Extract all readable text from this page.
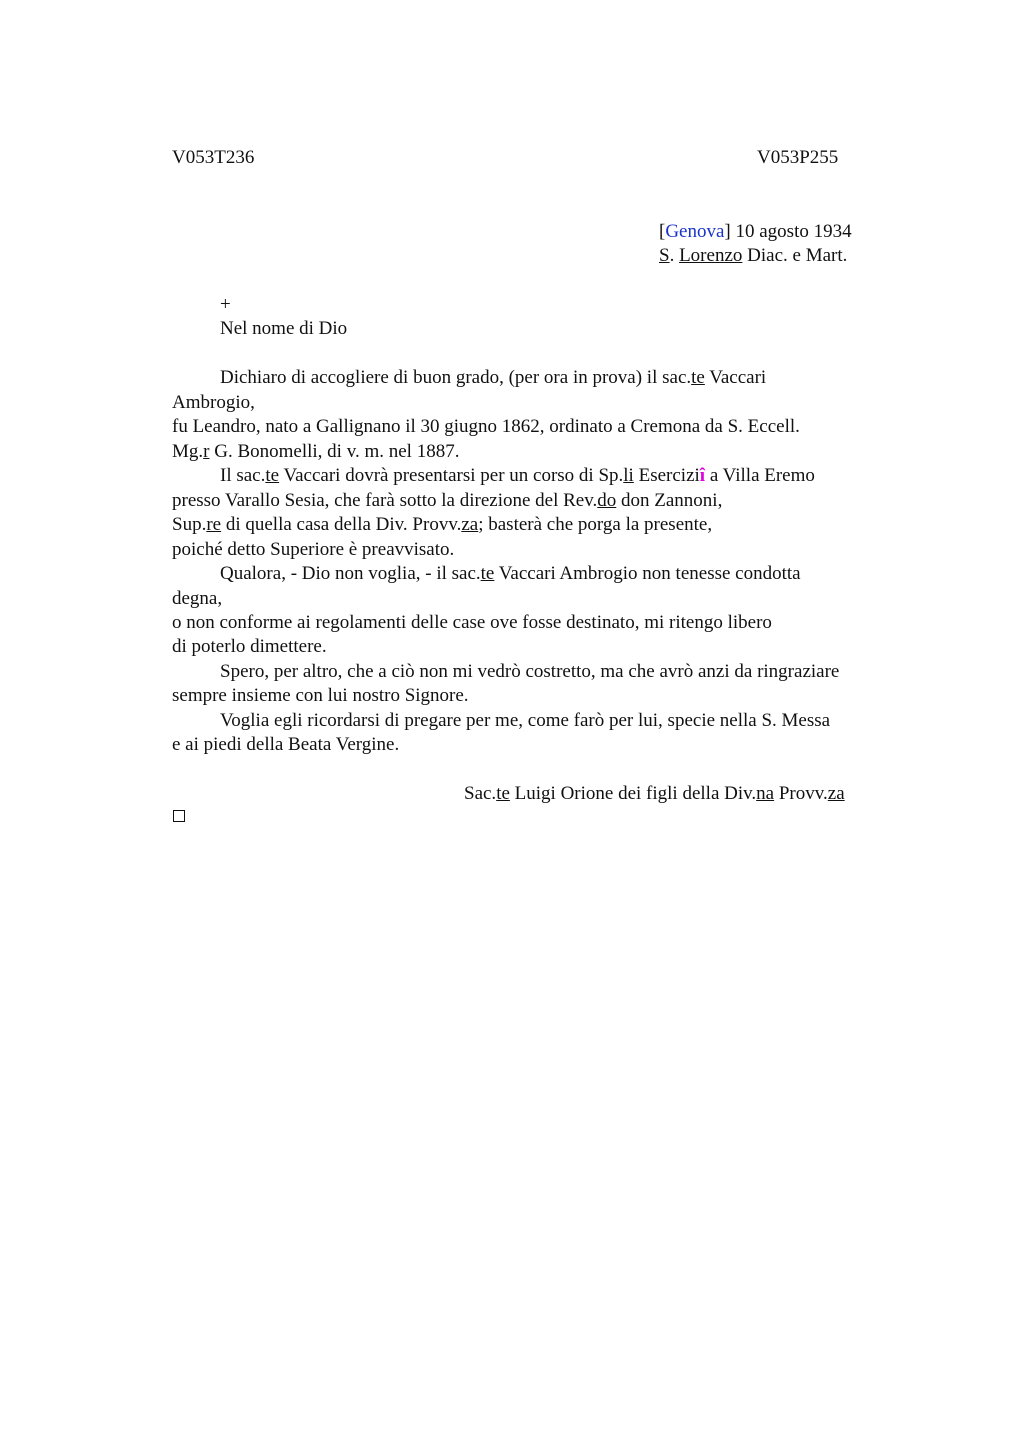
V053T236	V053P255
[Genova] 10 agosto 1934
S. Lorenzo Diac. e Mart.
+
Nel nome di Dio
Dichiaro di accogliere di buon grado, (per ora in prova) il sac.te Vaccari
Ambrogio,
fu Leandro, nato a Gallignano il 30 giugno 1862, ordinato a Cremona da S. Eccell.
Mg.r G. Bonomelli, di v. m. nel 1887.
Il sac.te Vaccari dovrà presentarsi per un corso di Sp.li Eserciziî a Villa Eremo
presso Varallo Sesia, che farà sotto la direzione del Rev.do don Zannoni,
Sup.re di quella casa della Div. Provv.za; basterà che porga la presente,
poiché detto Superiore è preavvisato.
Qualora, - Dio non voglia, - il sac.te Vaccari Ambrogio non tenesse condotta
degna,
o non conforme ai regolamenti delle case ove fosse destinato, mi ritengo libero
di poterlo dimettere.
Spero, per altro, che a ciò non mi vedrò costretto, ma che avrò anzi da ringraziare
sempre insieme con lui nostro Signore.
Voglia egli ricordarsi di pregare per me, come farò per lui, specie nella S. Messa
e ai piedi della Beata Vergine.
Sac.te Luigi Orione dei figli della Div.na Provv.za
